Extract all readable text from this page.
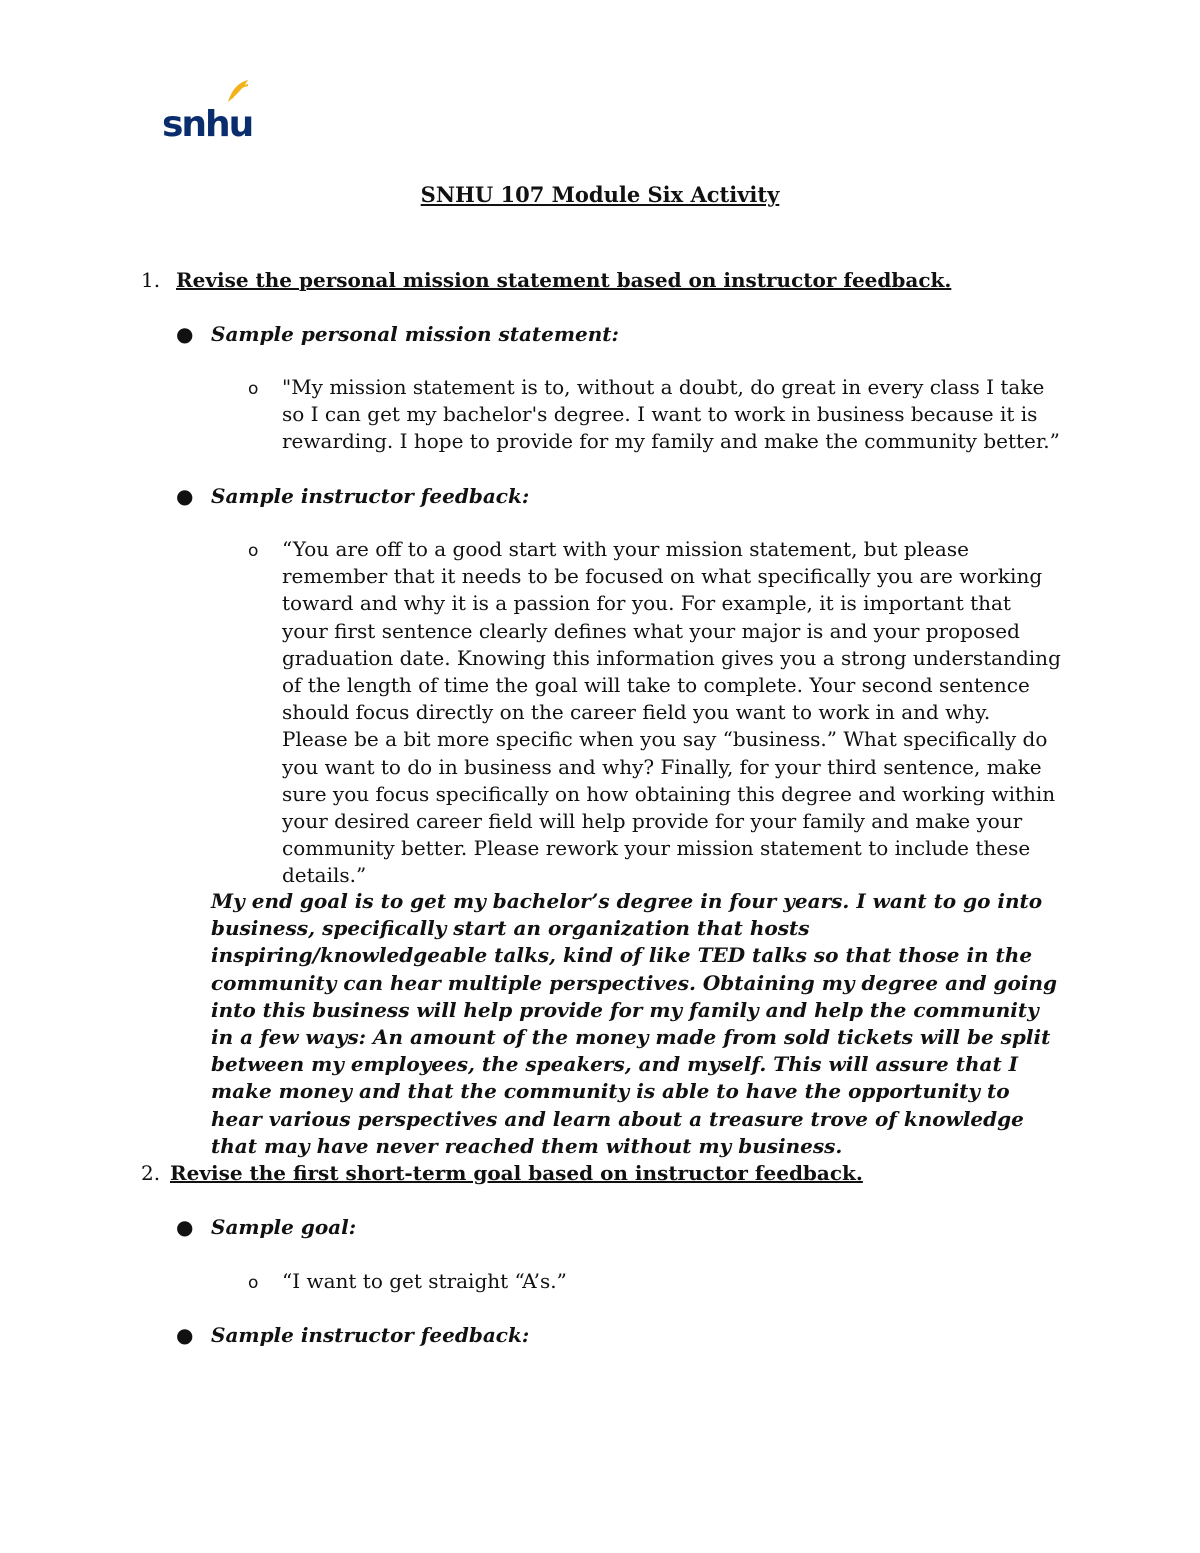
snhu
SNHU 107 Module Six Activity
1. Revise the personal mission statement based on instructor feedback.
● Sample personal mission statement:
o "My mission statement is to, without a doubt, do great in every class I take so I can get my bachelor's degree. I want to work in business because it is rewarding. I hope to provide for my family and make the community better.”
● Sample instructor feedback:
o “You are off to a good start with your mission statement, but please remember that it needs to be focused on what specifically you are working toward and why it is a passion for you. For example, it is important that your first sentence clearly defines what your major is and your proposed graduation date. Knowing this information gives you a strong understanding of the length of time the goal will take to complete. Your second sentence should focus directly on the career field you want to work in and why. Please be a bit more specific when you say “business.” What specifically do you want to do in business and why? Finally, for your third sentence, make sure you focus specifically on how obtaining this degree and working within your desired career field will help provide for your family and make your community better. Please rework your mission statement to include these details.”
My end goal is to get my bachelor’s degree in four years. I want to go into business, specifically start an organization that hosts inspiring/knowledgeable talks, kind of like TED talks so that those in the community can hear multiple perspectives. Obtaining my degree and going into this business will help provide for my family and help the community in a few ways: An amount of the money made from sold tickets will be split between my employees, the speakers, and myself. This will assure that I make money and that the community is able to have the opportunity to hear various perspectives and learn about a treasure trove of knowledge that may have never reached them without my business.
2. Revise the first short-term goal based on instructor feedback.
● Sample goal:
o “I want to get straight “A’s.”
● Sample instructor feedback:
